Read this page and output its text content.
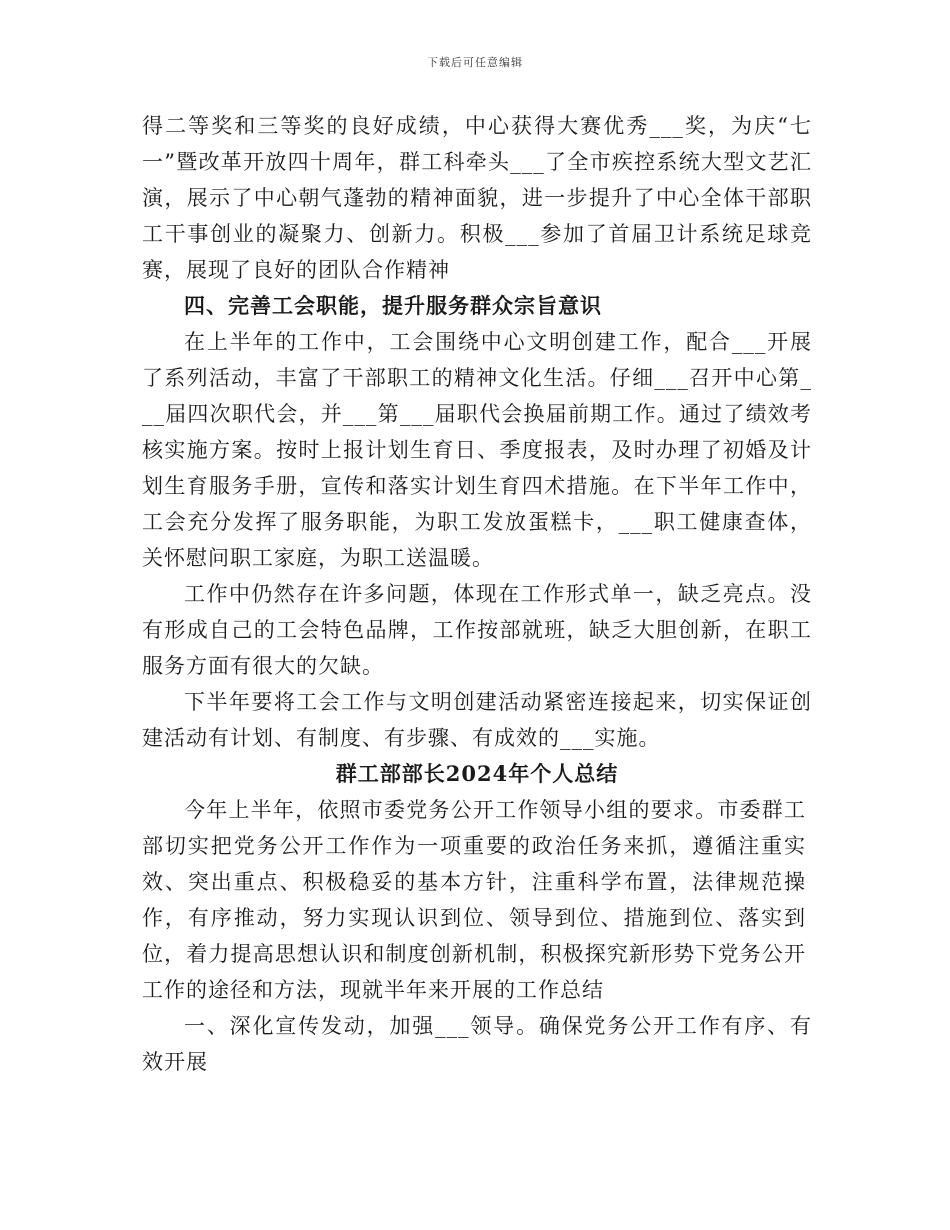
下载后可任意编辑

得二等奖和三等奖的良好成绩，中心获得大赛优秀___奖，为庆“七一”暨改革开放四十周年，群工科牵头___了全市疾控系统大型文艺汇演，展示了中心朝气蓬勃的精神面貌，进一步提升了中心全体干部职工干事创业的凝聚力、创新力。积极___参加了首届卫计系统足球竞赛，展现了良好的团队合作精神

四、完善工会职能，提升服务群众宗旨意识

在上半年的工作中，工会围绕中心文明创建工作，配合___开展了系列活动，丰富了干部职工的精神文化生活。仔细___召开中心第___届四次职代会，并___第___届职代会换届前期工作。通过了绩效考核实施方案。按时上报计划生育日、季度报表，及时办理了初婚及计划生育服务手册，宣传和落实计划生育四术措施。在下半年工作中，工会充分发挥了服务职能，为职工发放蛋糕卡，___职工健康查体，关怀慰问职工家庭，为职工送温暖。

工作中仍然存在许多问题，体现在工作形式单一，缺乏亮点。没有形成自己的工会特色品牌，工作按部就班，缺乏大胆创新，在职工服务方面有很大的欠缺。

下半年要将工会工作与文明创建活动紧密连接起来，切实保证创建活动有计划、有制度、有步骤、有成效的___实施。

群工部部长2024年个人总结

今年上半年，依照市委党务公开工作领导小组的要求。市委群工部切实把党务公开工作作为一项重要的政治任务来抓，遵循注重实效、突出重点、积极稳妥的基本方针，注重科学布置，法律规范操作，有序推动，努力实现认识到位、领导到位、措施到位、落实到位，着力提高思想认识和制度创新机制，积极探究新形势下党务公开工作的途径和方法，现就半年来开展的工作总结

一、深化宣传发动，加强___领导。确保党务公开工作有序、有效开展
